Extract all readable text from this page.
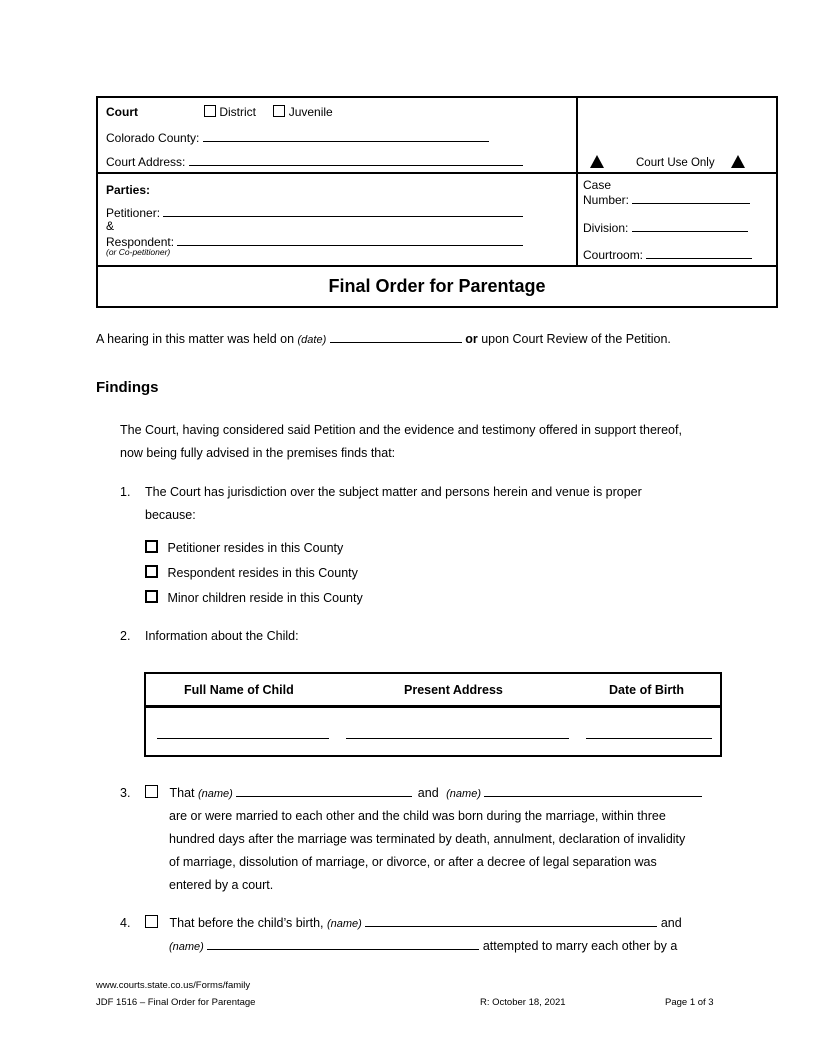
Court	District	Juvenile
Colorado County:
Court Address:	Court Use Only
Parties:
Petitioner:
&
Respondent:
(or Co-petitioner)
Case
Number:
Division:
Courtroom:
Final Order for Parentage
A hearing in this matter was held on (date)	or upon Court Review of the Petition.
Findings
The Court, having considered said Petition and the evidence and testimony offered in support thereof,
now being fully advised in the premises finds that:
1. The Court has jurisdiction over the subject matter and persons herein and venue is proper
because:
Petitioner resides in this County
Respondent resides in this County
Minor children reside in this County
2. Information about the Child:
Full Name of Child	Present Address	Date of Birth
3.	That (name)	and (name)
are or were married to each other and the child was born during the marriage, within three
hundred days after the marriage was terminated by death, annulment, declaration of invalidity
of marriage, dissolution of marriage, or divorce, or after a decree of legal separation was
entered by a court.
4.	That before the child’s birth, (name)	and
(name)	attempted to marry each other by a
www.courts.state.co.us/Forms/family
JDF 1516 – Final Order for Parentage	R: October 18, 2021	Page 1 of 3
